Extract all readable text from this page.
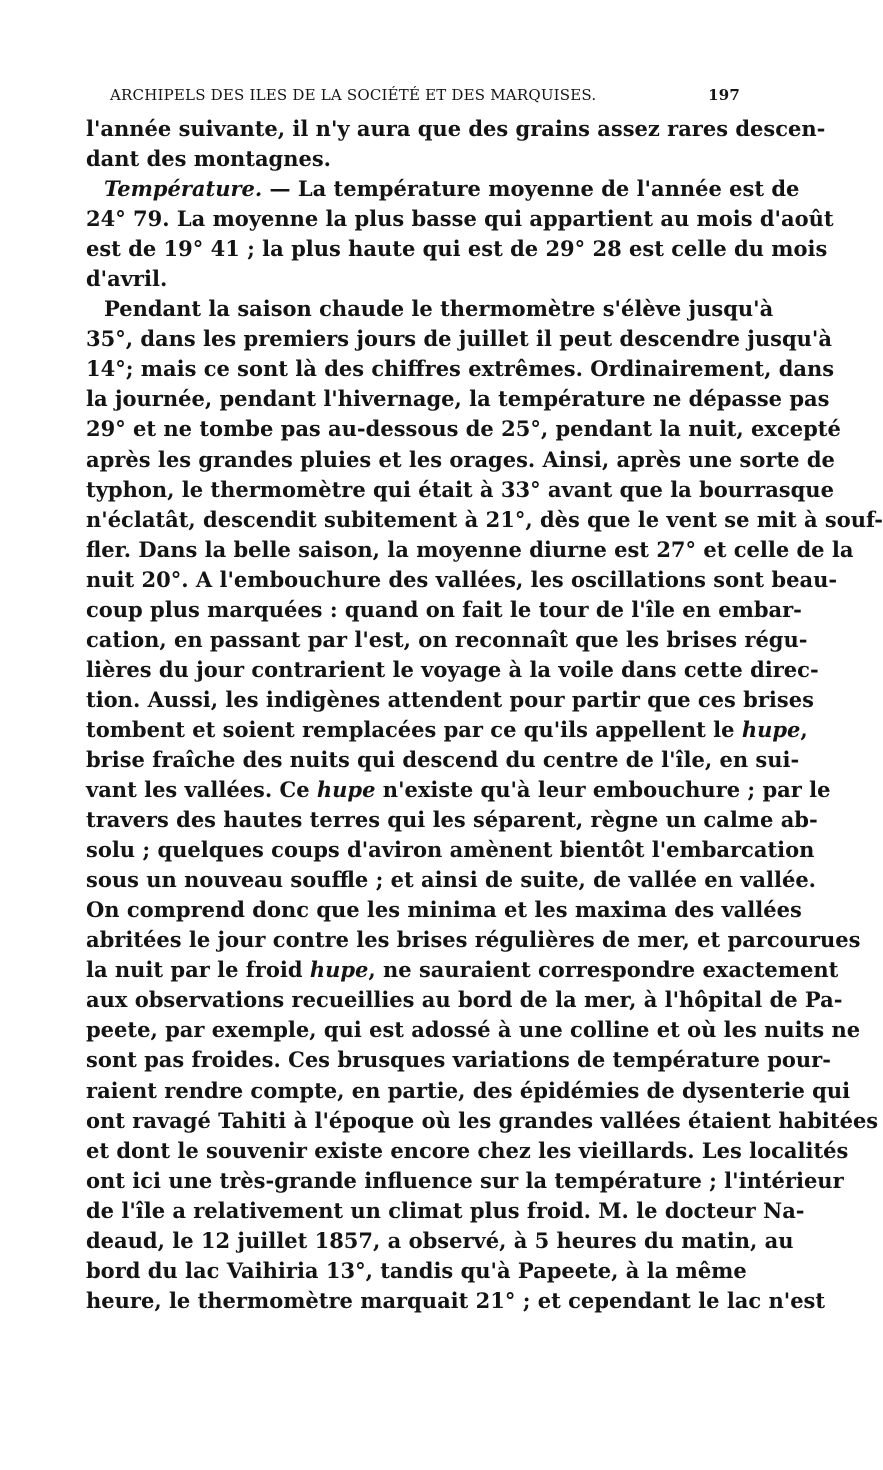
ARCHIPELS DES ILES DE LA SOCIÉTÉ ET DES MARQUISES.	197
l'année suivante, il n'y aura que des grains assez rares descen-
dant des montagnes.
Température. — La température moyenne de l'année est de
24° 79. La moyenne la plus basse qui appartient au mois d'août
est de 19° 41 ; la plus haute qui est de 29° 28 est celle du mois
d'avril.
Pendant la saison chaude le thermomètre s'élève jusqu'à
35°, dans les premiers jours de juillet il peut descendre jusqu'à
14°; mais ce sont là des chiffres extrêmes. Ordinairement, dans
la journée, pendant l'hivernage, la température ne dépasse pas
29° et ne tombe pas au-dessous de 25°, pendant la nuit, excepté
après les grandes pluies et les orages. Ainsi, après une sorte de
typhon, le thermomètre qui était à 33° avant que la bourrasque
n'éclatât, descendit subitement à 21°, dès que le vent se mit à souf-
fler. Dans la belle saison, la moyenne diurne est 27° et celle de la
nuit 20°. A l'embouchure des vallées, les oscillations sont beau-
coup plus marquées : quand on fait le tour de l'île en embar-
cation, en passant par l'est, on reconnaît que les brises régu-
lières du jour contrarient le voyage à la voile dans cette direc-
tion. Aussi, les indigènes attendent pour partir que ces brises
tombent et soient remplacées par ce qu'ils appellent le hupe,
brise fraîche des nuits qui descend du centre de l'île, en sui-
vant les vallées. Ce hupe n'existe qu'à leur embouchure ; par le
travers des hautes terres qui les séparent, règne un calme ab-
solu ; quelques coups d'aviron amènent bientôt l'embarcation
sous un nouveau souffle ; et ainsi de suite, de vallée en vallée.
On comprend donc que les minima et les maxima des vallées
abritées le jour contre les brises régulières de mer, et parcourues
la nuit par le froid hupe, ne sauraient correspondre exactement
aux observations recueillies au bord de la mer, à l'hôpital de Pa-
peete, par exemple, qui est adossé à une colline et où les nuits ne
sont pas froides. Ces brusques variations de température pour-
raient rendre compte, en partie, des épidémies de dysenterie qui
ont ravagé Tahiti à l'époque où les grandes vallées étaient habitées
et dont le souvenir existe encore chez les vieillards. Les localités
ont ici une très-grande influence sur la température ; l'intérieur
de l'île a relativement un climat plus froid. M. le docteur Na-
deaud, le 12 juillet 1857, a observé, à 5 heures du matin, au
bord du lac Vaihiria 13°, tandis qu'à Papeete, à la même
heure, le thermomètre marquait 21° ; et cependant le lac n'est
